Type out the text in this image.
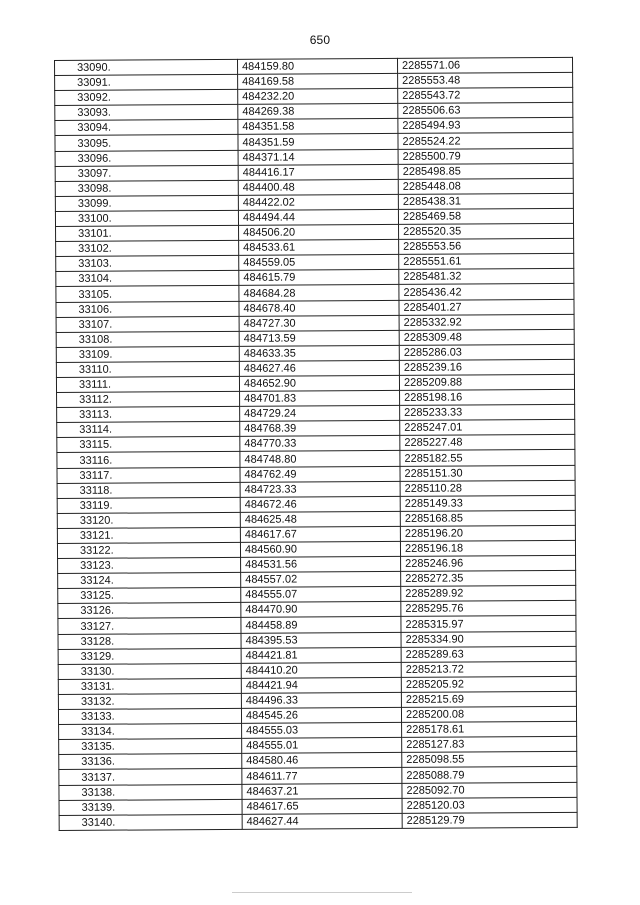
650
33090.	484159.80	2285571.06
33091.	484169.58	2285553.48
33092.	484232.20	2285543.72
33093.	484269.38	2285506.63
33094.	484351.58	2285494.93
33095.	484351.59	2285524.22
33096.	484371.14	2285500.79
33097.	484416.17	2285498.85
33098.	484400.48	2285448.08
33099.	484422.02	2285438.31
33100.	484494.44	2285469.58
33101.	484506.20	2285520.35
33102.	484533.61	2285553.56
33103.	484559.05	2285551.61
33104.	484615.79	2285481.32
33105.	484684.28	2285436.42
33106.	484678.40	2285401.27
33107.	484727.30	2285332.92
33108.	484713.59	2285309.48
33109.	484633.35	2285286.03
33110.	484627.46	2285239.16
33111.	484652.90	2285209.88
33112.	484701.83	2285198.16
33113.	484729.24	2285233.33
33114.	484768.39	2285247.01
33115.	484770.33	2285227.48
33116.	484748.80	2285182.55
33117.	484762.49	2285151.30
33118.	484723.33	2285110.28
33119.	484672.46	2285149.33
33120.	484625.48	2285168.85
33121.	484617.67	2285196.20
33122.	484560.90	2285196.18
33123.	484531.56	2285246.96
33124.	484557.02	2285272.35
33125.	484555.07	2285289.92
33126.	484470.90	2285295.76
33127.	484458.89	2285315.97
33128.	484395.53	2285334.90
33129.	484421.81	2285289.63
33130.	484410.20	2285213.72
33131.	484421.94	2285205.92
33132.	484496.33	2285215.69
33133.	484545.26	2285200.08
33134.	484555.03	2285178.61
33135.	484555.01	2285127.83
33136.	484580.46	2285098.55
33137.	484611.77	2285088.79
33138.	484637.21	2285092.70
33139.	484617.65	2285120.03
33140.	484627.44	2285129.79
